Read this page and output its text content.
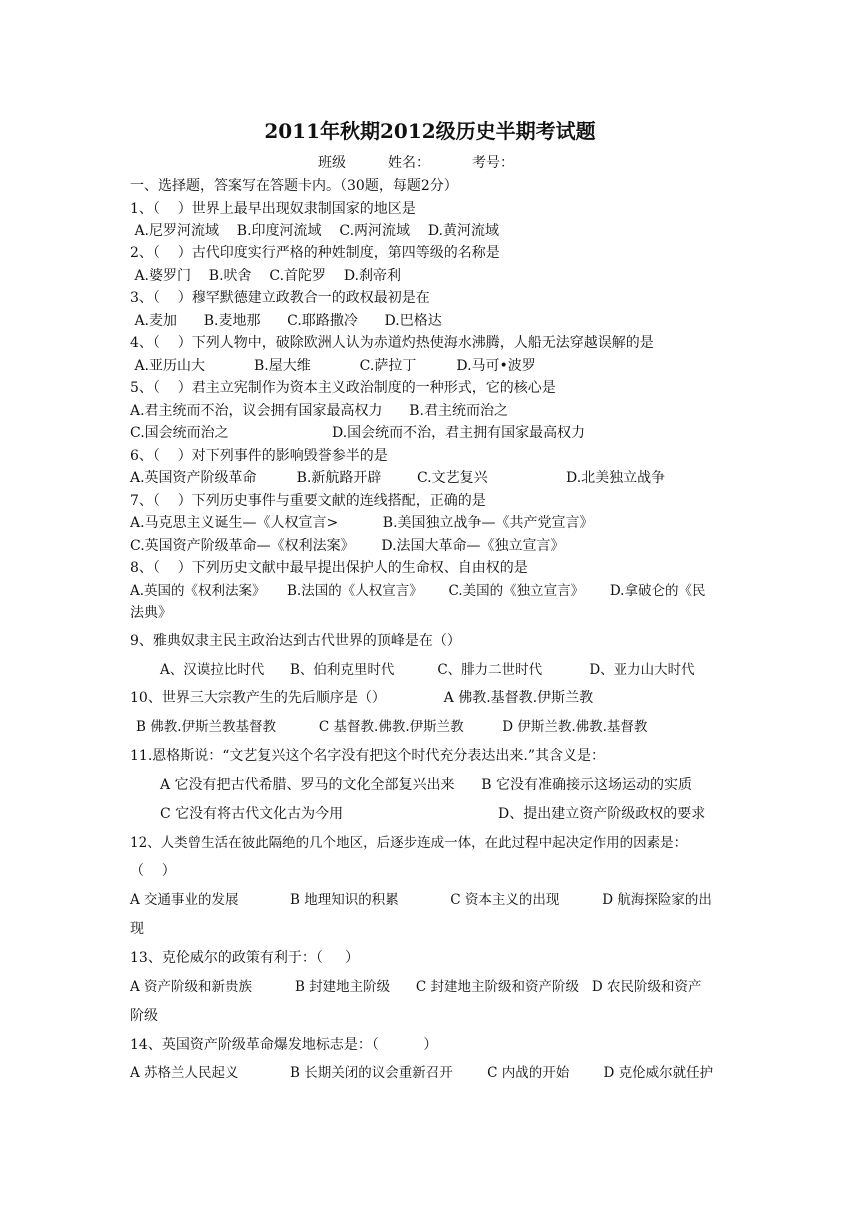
2011年秋期2012级历史半期考试题
班级	姓名：	考号：
一、选择题，答案写在答题卡内。（30题，每题2分）
1、（    ）世界上最早出现奴隶制国家的地区是
A.尼罗河流域    B.印度河流域    C.两河流域    D.黄河流域
2、（    ）古代印度实行严格的种姓制度，第四等级的名称是
A.婆罗门    B.吠舍    C.首陀罗    D.刹帝利
3、（    ）穆罕默德建立政教合一的政权最初是在
A.麦加      B.麦地那      C.耶路撒冷      D.巴格达
4、（    ）下列人物中，破除欧洲人认为赤道灼热使海水沸腾，人船无法穿越误解的是
A.亚历山大           B.屋大维           C.萨拉丁         D.马可•波罗
5、（    ）君主立宪制作为资本主义政治制度的一种形式，它的核心是
A.君主统而不治，议会拥有国家最高权力      B.君主统而治之
C.国会统而治之	D.国会统而不治，君主拥有国家最高权力
6、（    ）对下列事件的影响毁誉参半的是
A.英国资产阶级革命         B.新航路开辟        C.文艺复兴	D.北美独立战争
7、（    ）下列历史事件与重要文献的连线搭配，正确的是
A.马克思主义诞生—《人权宣言>          B.美国独立战争—《共产党宣言》
C.英国资产阶级革命—《权利法案》      D.法国大革命—《独立宣言》
8、（    ）下列历史文献中最早提出保护人的生命权、自由权的是
A.英国的《权利法案》     B.法国的《人权宣言》      C.美国的《独立宣言》      D.拿破仑的《民
法典》
9、雅典奴隶主民主政治达到古代世界的顶峰是在（）
A、汉谟拉比时代      B、伯利克里时代          C、腓力二世时代           D、亚力山大时代
10、世界三大宗教产生的先后顺序是（）             A 佛教.基督教.伊斯兰教
B 佛教.伊斯兰教基督教          C 基督教.佛教.伊斯兰教         D 伊斯兰教.佛教.基督教
11.恩格斯说：“文艺复兴这个名字没有把这个时代充分表达出来.”其含义是：
A 它没有把古代希腊、罗马的文化全部复兴出来      B 它没有准确接示这场运动的实质
C 它没有将古代文化古为今用	D、提出建立资产阶级政权的要求
12、人类曾生活在彼此隔绝的几个地区，后逐步连成一体，在此过程中起决定作用的因素是：
（    ）
A 交通事业的发展            B 地理知识的积累            C 资本主义的出现          D 航海探险家的出
现
13、克伦威尔的政策有利于：（     ）
A 资产阶级和新贵族          B 封建地主阶级      C 封建地主阶级和资产阶级   D 农民阶级和资产
阶级
14、英国资产阶级革命爆发地标志是：（          ）
A 苏格兰人民起义            B 长期关闭的议会重新召开        C 内战的开始        D 克伦威尔就任护
